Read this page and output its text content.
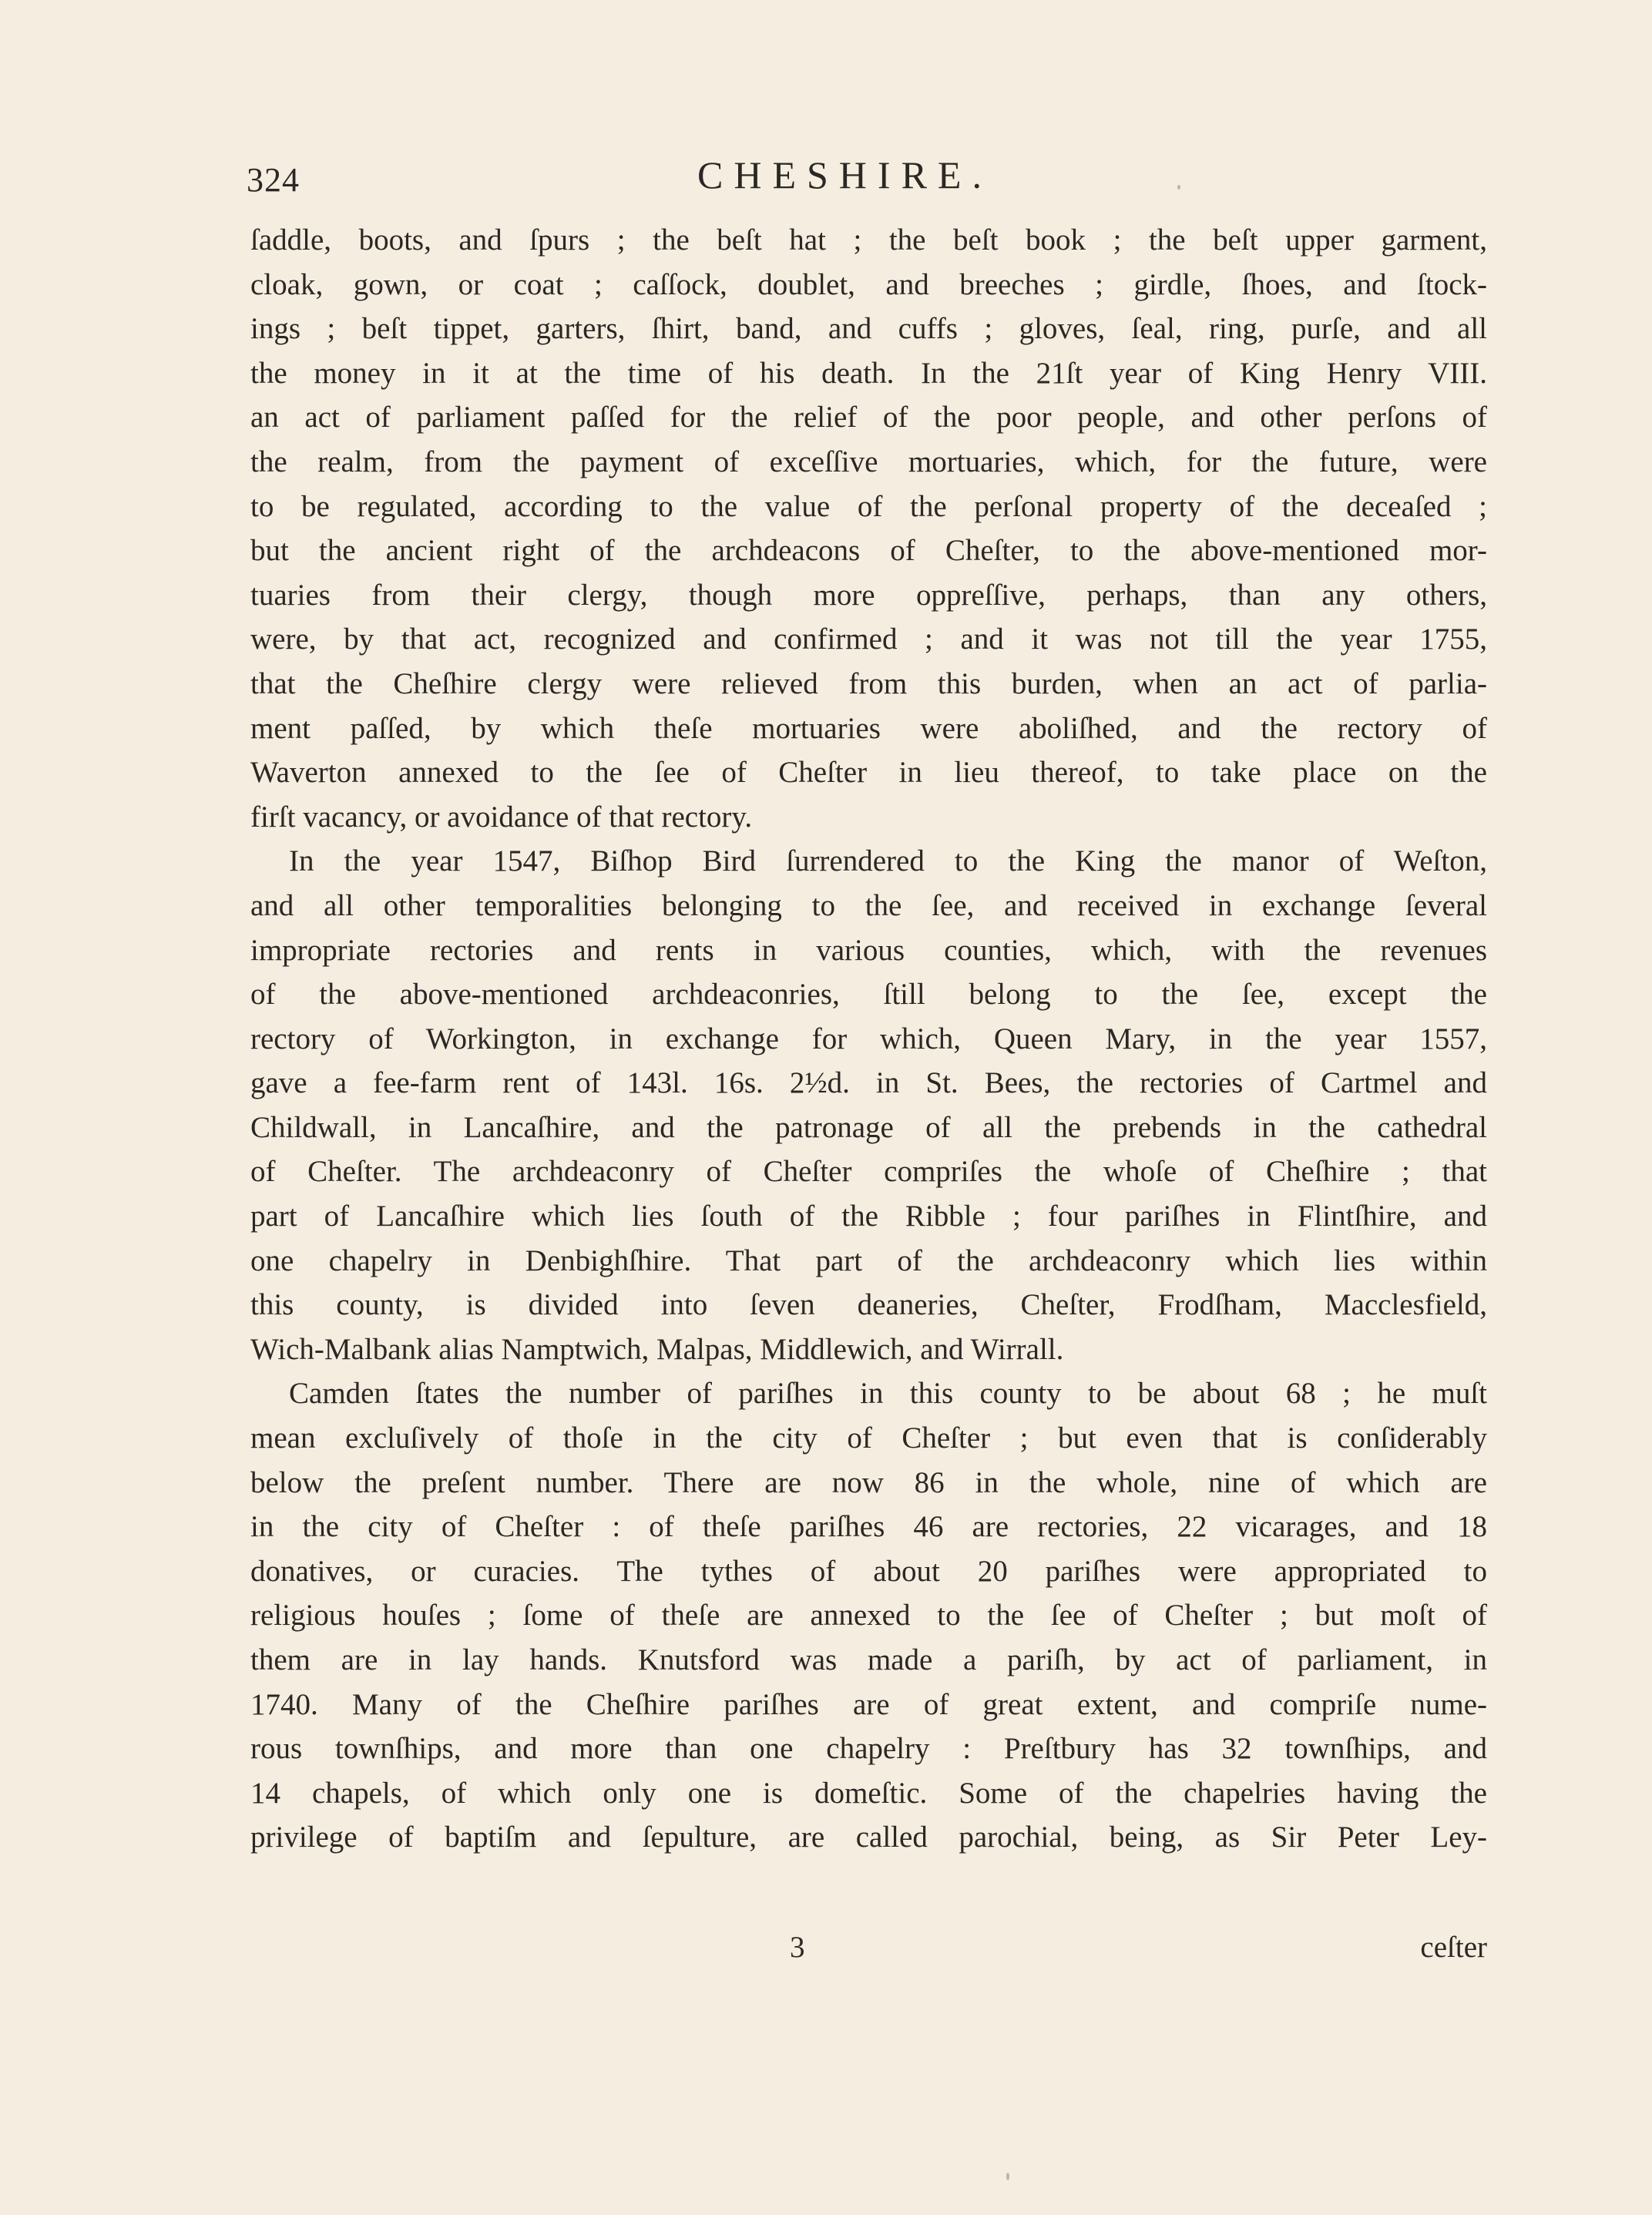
324	CHESHIRE.
ſaddle, boots, and ſpurs ; the beſt hat ; the beſt book ; the beſt upper garment,
cloak, gown, or coat ; caſſock, doublet, and breeches ; girdle, ſhoes, and ſtock-
ings ; beſt tippet, garters, ſhirt, band, and cuffs ; gloves, ſeal, ring, purſe, and all
the money in it at the time of his death. In the 21ſt year of King Henry VIII.
an act of parliament paſſed for the relief of the poor people, and other perſons of
the realm, from the payment of exceſſive mortuaries, which, for the future, were
to be regulated, according to the value of the perſonal property of the deceaſed ;
but the ancient right of the archdeacons of Cheſter, to the above-mentioned mor-
tuaries from their clergy, though more oppreſſive, perhaps, than any others,
were, by that act, recognized and confirmed ; and it was not till the year 1755,
that the Cheſhire clergy were relieved from this burden, when an act of parlia-
ment paſſed, by which theſe mortuaries were aboliſhed, and the rectory of
Waverton annexed to the ſee of Cheſter in lieu thereof, to take place on the
firſt vacancy, or avoidance of that rectory.
In the year 1547, Biſhop Bird ſurrendered to the King the manor of Weſton,
and all other temporalities belonging to the ſee, and received in exchange ſeveral
impropriate rectories and rents in various counties, which, with the revenues
of the above-mentioned archdeaconries, ſtill belong to the ſee, except the
rectory of Workington, in exchange for which, Queen Mary, in the year 1557,
gave a fee-farm rent of 143l. 16s. 2½d. in St. Bees, the rectories of Cartmel and
Childwall, in Lancaſhire, and the patronage of all the prebends in the cathedral
of Cheſter. The archdeaconry of Cheſter compriſes the whoſe of Cheſhire ; that
part of Lancaſhire which lies ſouth of the Ribble ; four pariſhes in Flintſhire, and
one chapelry in Denbighſhire. That part of the archdeaconry which lies within
this county, is divided into ſeven deaneries, Cheſter, Frodſham, Macclesfield,
Wich-Malbank alias Namptwich, Malpas, Middlewich, and Wirrall.
Camden ſtates the number of pariſhes in this county to be about 68 ; he muſt
mean excluſively of thoſe in the city of Cheſter ; but even that is conſiderably
below the preſent number. There are now 86 in the whole, nine of which are
in the city of Cheſter : of theſe pariſhes 46 are rectories, 22 vicarages, and 18
donatives, or curacies. The tythes of about 20 pariſhes were appropriated to
religious houſes ; ſome of theſe are annexed to the ſee of Cheſter ; but moſt of
them are in lay hands. Knutsford was made a pariſh, by act of parliament, in
1740. Many of the Cheſhire pariſhes are of great extent, and compriſe nume-
rous townſhips, and more than one chapelry : Preſtbury has 32 townſhips, and
14 chapels, of which only one is domeſtic. Some of the chapelries having the
privilege of baptiſm and ſepulture, are called parochial, being, as Sir Peter Ley-
3	ceſter
